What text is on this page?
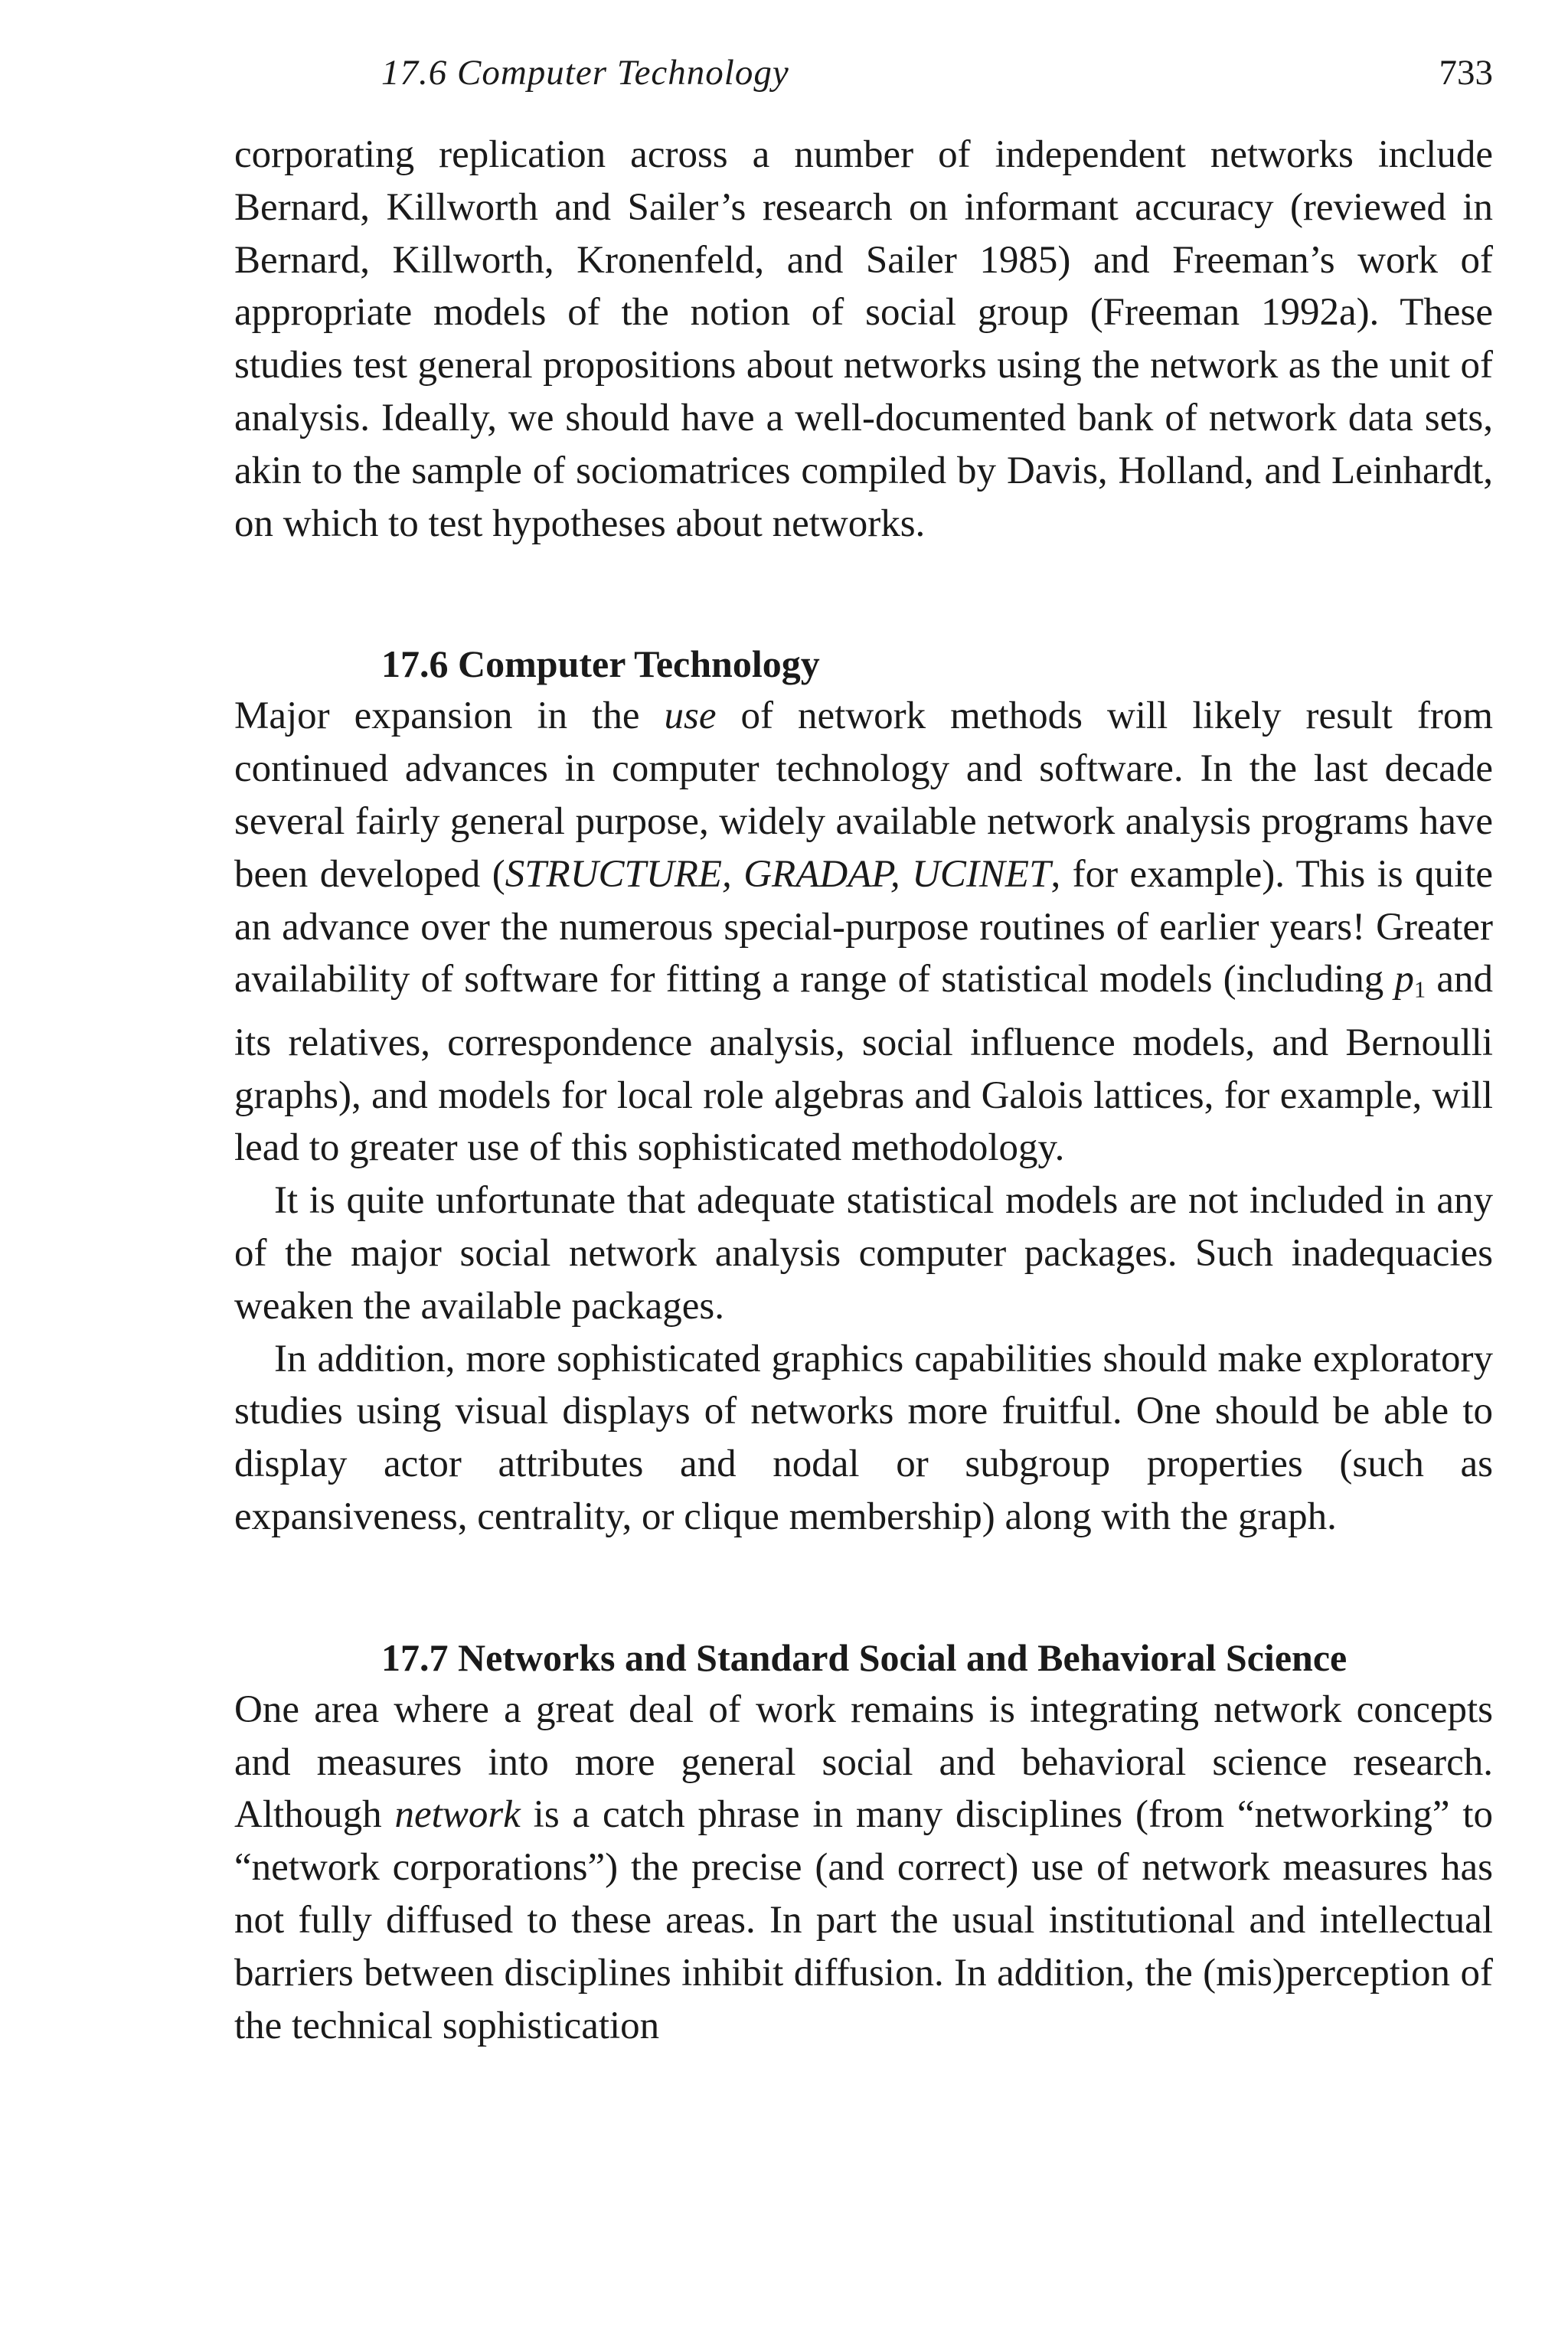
17.6 Computer Technology	733

corporating replication across a number of independent networks include Bernard, Killworth and Sailer’s research on informant accuracy (reviewed in Bernard, Killworth, Kronenfeld, and Sailer 1985) and Freeman’s work of appropriate models of the notion of social group (Freeman 1992a). These studies test general propositions about networks using the network as the unit of analysis. Ideally, we should have a well-documented bank of network data sets, akin to the sample of sociomatrices compiled by Davis, Holland, and Leinhardt, on which to test hypotheses about networks.

17.6 Computer Technology

Major expansion in the use of network methods will likely result from continued advances in computer technology and software. In the last decade several fairly general purpose, widely available network analysis programs have been developed (STRUCTURE, GRADAP, UCINET, for example). This is quite an advance over the numerous special-purpose routines of earlier years! Greater availability of software for fitting a range of statistical models (including $p_1$ and its relatives, correspondence analysis, social influence models, and Bernoulli graphs), and models for local role algebras and Galois lattices, for example, will lead to greater use of this sophisticated methodology.

It is quite unfortunate that adequate statistical models are not included in any of the major social network analysis computer packages. Such inadequacies weaken the available packages.

In addition, more sophisticated graphics capabilities should make exploratory studies using visual displays of networks more fruitful. One should be able to display actor attributes and nodal or subgroup properties (such as expansiveness, centrality, or clique membership) along with the graph.

17.7 Networks and Standard Social and Behavioral Science

One area where a great deal of work remains is integrating network concepts and measures into more general social and behavioral science research. Although network is a catch phrase in many disciplines (from “networking” to “network corporations”) the precise (and correct) use of network measures has not fully diffused to these areas. In part the usual institutional and intellectual barriers between disciplines inhibit diffusion. In addition, the (mis)perception of the technical sophistication
